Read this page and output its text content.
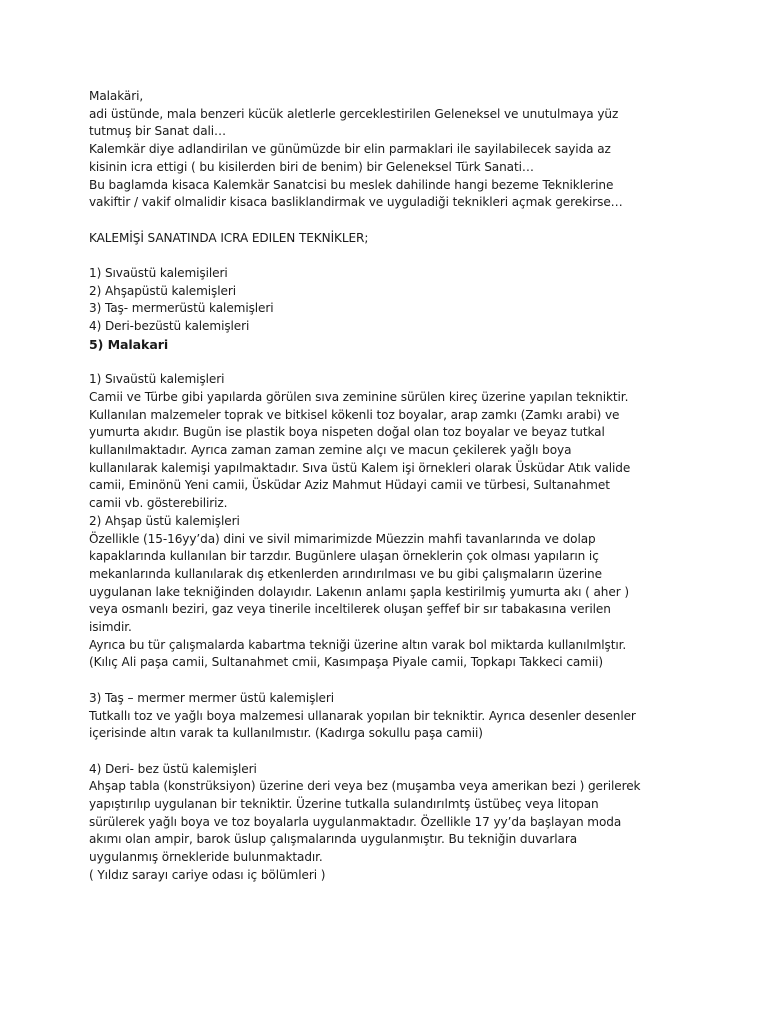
Malakäri,
adi üstünde, mala benzeri kücük aletlerle gerceklestirilen Geleneksel ve unutulmaya yüz
tutmuş bir Sanat dali…
Kalemkär diye adlandirilan ve günümüzde bir elin parmaklari ile sayilabilecek sayida az
kisinin icra ettigi ( bu kisilerden biri de benim) bir Geleneksel Türk Sanati…
Bu baglamda kisaca Kalemkär Sanatcisi bu meslek dahilinde hangi bezeme Tekniklerine
vakiftir / vakif olmalidir kisaca basliklandirmak ve uyguladiği teknikleri açmak gerekirse…
KALEMİŞİ SANATINDA ICRA EDILEN TEKNİKLER;
1) Sıvaüstü kalemişileri
2) Ahşapüstü kalemişleri
3) Taş- mermerüstü kalemişleri
4) Deri-bezüstü kalemişleri
5) Malakari
1) Sıvaüstü kalemişleri
Camii ve Türbe gibi yapılarda görülen sıva zeminine sürülen kireç üzerine yapılan tekniktir.
Kullanılan malzemeler toprak ve bitkisel kökenli toz boyalar, arap zamkı (Zamkı arabi) ve
yumurta akıdır. Bugün ise plastik boya nispeten doğal olan toz boyalar ve beyaz tutkal
kullanılmaktadır. Ayrıca zaman zaman zemine alçı ve macun çekilerek yağlı boya
kullanılarak kalemişi yapılmaktadır. Sıva üstü Kalem işi örnekleri olarak Üsküdar Atık valide
camii, Eminönü Yeni camii, Üsküdar Aziz Mahmut Hüdayi camii ve türbesi, Sultanahmet
camii vb. gösterebiliriz.
2) Ahşap üstü kalemişleri
Özellikle (15-16yy’da) dini ve sivil mimarimizde Müezzin mahfi tavanlarında ve dolap
kapaklarında kullanılan bir tarzdır. Bugünlere ulaşan örneklerin çok olması yapıların iç
mekanlarında kullanılarak dış etkenlerden arındırılması ve bu gibi çalışmaların üzerine
uygulanan lake tekniğinden dolayıdır. Lakenın anlamı şapla kestirilmiş yumurta akı ( aher )
veya osmanlı beziri, gaz veya tinerile inceltilerek oluşan şeffef bir sır tabakasına verilen
isimdir.
Ayrıca bu tür çalışmalarda kabartma tekniği üzerine altın varak bol miktarda kullanılmlştır.
(Kılıç Ali paşa camii, Sultanahmet cmii, Kasımpaşa Piyale camii, Topkapı Takkeci camii)
3) Taş – mermer mermer üstü kalemişleri
Tutkallı toz ve yağlı boya malzemesi ullanarak yopılan bir tekniktir. Ayrıca desenler desenler
içerisinde altın varak ta kullanılmıstır. (Kadırga sokullu paşa camii)
4) Deri- bez üstü kalemişleri
Ahşap tabla (konstrüksiyon) üzerine deri veya bez (muşamba veya amerikan bezi ) gerilerek
yapıştırılıp uygulanan bir tekniktir. Üzerine tutkalla sulandırılmtş üstübeç veya litopan
sürülerek yağlı boya ve toz boyalarla uygulanmaktadır. Özellikle 17 yy’da başlayan moda
akımı olan ampir, barok üslup çalışmalarında uygulanmıştır. Bu tekniğin duvarlara
uygulanmış örnekleride bulunmaktadır.
( Yıldız sarayı cariye odası iç bölümleri )
